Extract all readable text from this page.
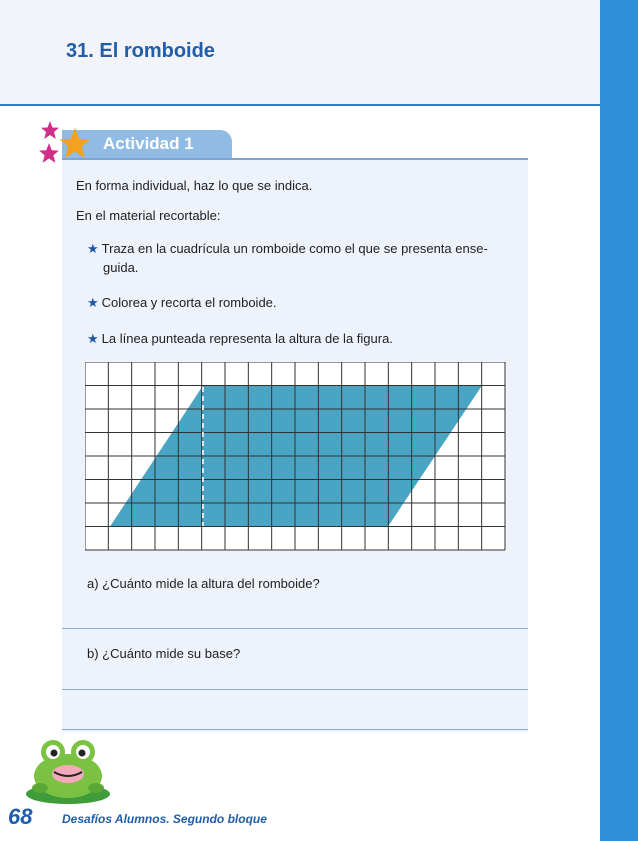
31. El romboide
Actividad 1
En forma individual, haz lo que se indica.
En el material recortable:
★ Traza en la cuadrícula un romboide como el que se presenta ense-
guida.
★ Colorea y recorta el romboide.
★ La línea punteada representa la altura de la figura.
a) ¿Cuánto mide la altura del romboide?
b) ¿Cuánto mide su base?
68 Desafíos Alumnos. Segundo bloque
